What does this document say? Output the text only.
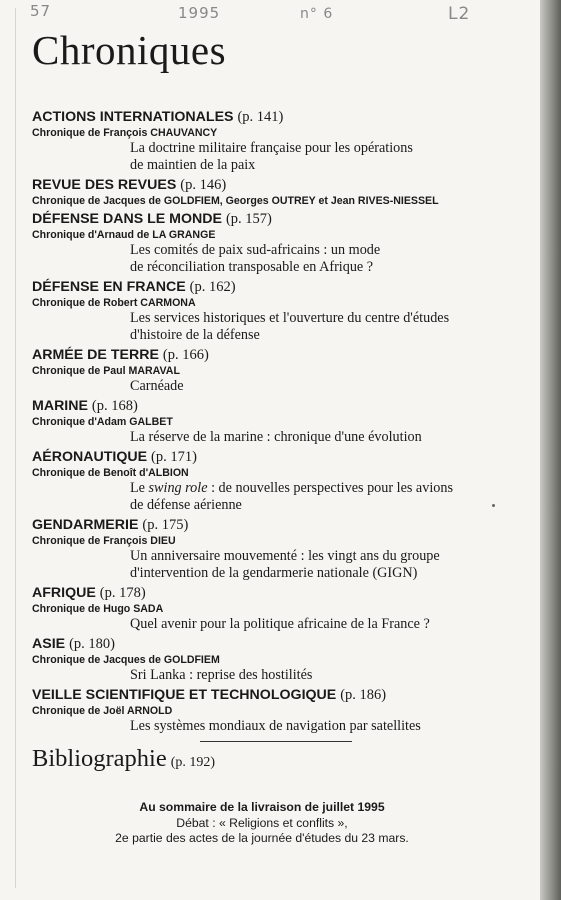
57	1995	n° 6	L2
Chroniques
ACTIONS INTERNATIONALES (p. 141)
Chronique de François CHAUVANCY
La doctrine militaire française pour les opérations
de maintien de la paix
REVUE DES REVUES (p. 146)
Chronique de Jacques de GOLDFIEM, Georges OUTREY et Jean RIVES-NIESSEL
DÉFENSE DANS LE MONDE (p. 157)
Chronique d'Arnaud de LA GRANGE
Les comités de paix sud-africains : un mode
de réconciliation transposable en Afrique ?
DÉFENSE EN FRANCE (p. 162)
Chronique de Robert CARMONA
Les services historiques et l'ouverture du centre d'études
d'histoire de la défense
ARMÉE DE TERRE (p. 166)
Chronique de Paul MARAVAL
Carnéade
MARINE (p. 168)
Chronique d'Adam GALBET
La réserve de la marine : chronique d'une évolution
AÉRONAUTIQUE (p. 171)
Chronique de Benoît d'ALBION
Le swing role : de nouvelles perspectives pour les avions
de défense aérienne
GENDARMERIE (p. 175)
Chronique de François DIEU
Un anniversaire mouvementé : les vingt ans du groupe
d'intervention de la gendarmerie nationale (GIGN)
AFRIQUE (p. 178)
Chronique de Hugo SADA
Quel avenir pour la politique africaine de la France ?
ASIE (p. 180)
Chronique de Jacques de GOLDFIEM
Sri Lanka : reprise des hostilités
VEILLE SCIENTIFIQUE ET TECHNOLOGIQUE (p. 186)
Chronique de Joël ARNOLD
Les systèmes mondiaux de navigation par satellites
Bibliographie (p. 192)
Au sommaire de la livraison de juillet 1995
Débat : « Religions et conflits »,
2e partie des actes de la journée d'études du 23 mars.
